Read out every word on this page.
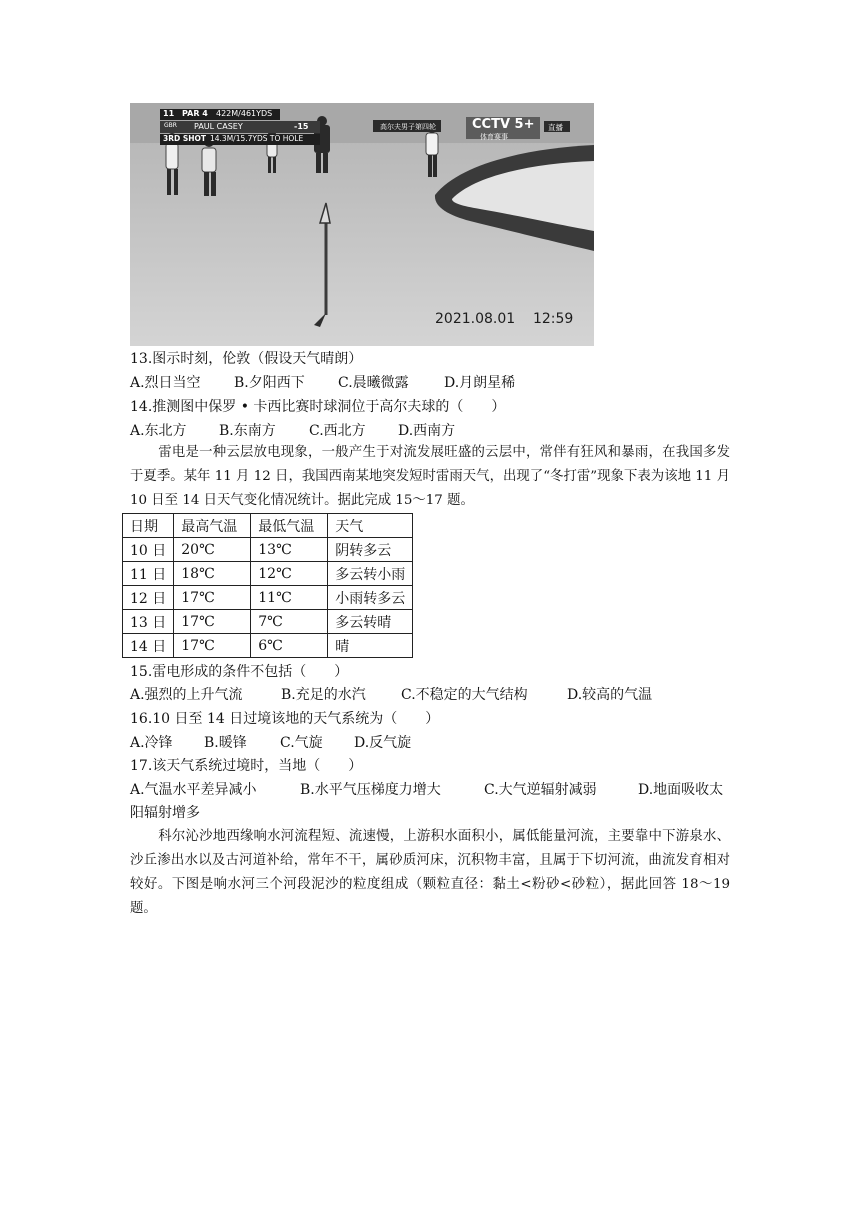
11 PAR 4 422M/461YDS
GBR PAUL CASEY	-15
3RD SHOT 14.3M/15.7YDS TO HOLE
高尔夫男子第四轮	CCTV 5+
体育赛事
直播
2021.08.01    12:59
13.图示时刻，伦敦（假设天气晴朗）
A.烈日当空 B.夕阳西下 C.晨曦微露	D.月朗星稀
14.推测图中保罗 • 卡西比赛时球洞位于高尔夫球的（　　）
A.东北方 B.东南方 C.西北方 D.西南方
雷电是一种云层放电现象，一般产生于对流发展旺盛的云层中，常伴有狂风和暴雨，在我国多发于夏季。某年 11 月 12 日，我国西南某地突发短时雷雨天气，出现了“冬打雷”现象下表为该地 11 月 10 日至 14 日天气变化情况统计。据此完成 15～17 题。
日期	最高气温	最低气温	天气
10 日	20℃	13℃	阴转多云
11 日	18℃	12℃	多云转小雨
12 日	17℃	11℃	小雨转多云
13 日	17℃	7℃	多云转晴
14 日	17℃	6℃	晴
15.雷电形成的条件不包括（　　）
A.强烈的上升气流	B.充足的水汽	C.不稳定的大气结构	D.较高的气温
16.10 日至 14 日过境该地的天气系统为（　　）
A.冷锋 B.暖锋 C.气旋 D.反气旋
17.该天气系统过境时，当地（　　）
A.气温水平差异减小	B.水平气压梯度力增大	C.大气逆辐射减弱	D.地面吸收太
阳辐射增多
科尔沁沙地西缘响水河流程短、流速慢，上游积水面积小，属低能量河流，主要靠中下游泉水、沙丘渗出水以及古河道补给，常年不干，属砂质河床，沉积物丰富，且属于下切河流，曲流发育相对较好。下图是响水河三个河段泥沙的粒度组成（颗粒直径：黏土<粉砂<砂粒），据此回答 18～19 题。
